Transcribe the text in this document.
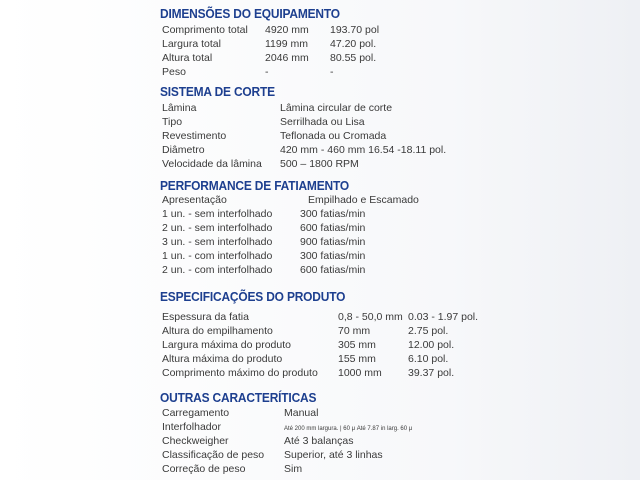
DIMENSÕES DO EQUIPAMENTO
Comprimento total 4920 mm 193.70 pol
Largura total	1199 mm 47.20 pol.
Altura total	2046 mm 80.55 pol.
Peso	-	-
SISTEMA DE CORTE
Lâmina	Lâmina circular de corte
Tipo	Serrilhada ou Lisa
Revestimento	Teflonada ou Cromada
Diâmetro	420 mm - 460 mm 16.54 -18.11 pol.
Velocidade da lâmina 500 – 1800 RPM
PERFORMANCE DE FATIAMENTO
Apresentação	Empilhado e Escamado
1 un. - sem interfolhado	300 fatias/min
2 un. - sem interfolhado	600 fatias/min
3 un. - sem interfolhado	900 fatias/min
1 un. - com interfolhado	300 fatias/min
2 un. - com interfolhado	600 fatias/min
ESPECIFICAÇÕES DO PRODUTO
Espessura da fatia	0,8 - 50,0 mm 0.03 - 1.97 pol.
Altura do empilhamento	70 mm	2.75 pol.
Largura máxima do produto	305 mm	12.00 pol.
Altura máxima do produto	155 mm	6.10 pol.
Comprimento máximo do produto 1000 mm 39.37 pol.
OUTRAS CARACTERÍTICAS
Carregamento	Manual
Interfolhador	Até 200 mm largura. | 60 μ Até 7.87 in larg. 60 μ
Checkweigher	Até 3 balanças
Classificação de peso Superior, até 3 linhas
Correção de peso	Sim
